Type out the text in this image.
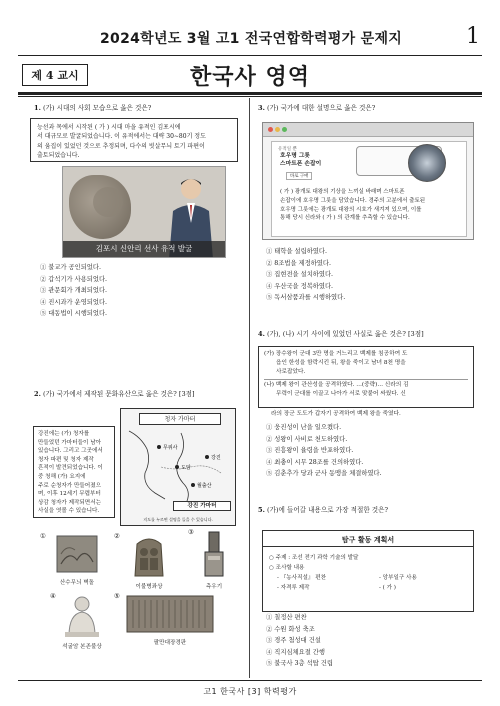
2024학년도 3월 고1 전국연합학력평가 문제지	1
제 4 교시	한국사 영역
1. (가) 시대의 사회 모습으로 옳은 것은?
능선과 목에서 시작된 ( 가 ) 시대 마을 유적인 김포시에
서 대규모로 발굴되었습니다. 이 유적에서는 대략 30∼80기 정도
의 움집이 있었던 것으로 추정되며, 다수의 빗살무늬 토기 파편이
출토되었습니다.
김포시 신안리 선사 유적 발굴
① 불교가 공인되었다.
② 갑석기가 사용되었다.
③ 관문회가 개최되었다.
④ 진시과가 운영되었다.
⑤ 대동법이 시행되었다.
2. (가) 국가에서 제작된 문화유산으로 옳은 것은? [3점]
강진에는 (가) 청자를
만들었던 가마터들이 남아
있습니다. 그리고 그곳에서
청자 파편 및 청자 제작
흔적이 발견되었습니다. 이
중 청해 (가) 요지에
주로 순청자가 만들어졌으
며, 이후 12세기 무렵부터
상감 청자가 제작되면서는
사실을 엿볼 수 있습니다.
청자 가마터
무위사
도암
월출산
강진
강진 가마터
지도를 누르면 설명을 들을 수 있습니다.
①
산수무늬 벽돌
②
이불병좌상
③
측우기
④
석굴암 본존불상
⑤
팔만대장경판
3. (가) 국가에 대한 설명으로 옳은 것은?
유적일 뿐
호우명 그릇
스마트폰 손잡이
바로 구매
( 가 ) 광개토 대왕의 기상을 느끼실 바래며 스마트폰
손잡이에 호우명 그릇을 담았습니다. 경주의 고분에서 출토된
호우명 그릇에는 광개토 대왕의 시호가 새겨져 있으며, 이를
통해 당시 신라와 ( 가 ) 의 관계를 추측할 수 있습니다.
① 태학을 설립하였다.
② 8조법을 제정하였다.
③ 집현전을 설치하였다.
④ 우산국을 정복하였다.
⑤ 독서삼품과를 시행하였다.
4. (가), (나) 시기 사이에 있었던 사실로 옳은 것은? [3점]
(가) 장수왕이 군대 3만 명을 거느리고 백제를 침공하여 도
읍인 한성을 함락시킨 뒤, 왕을 죽이고 남녀 8천 명을
사로잡았다.
(나) 백제 왕이 관산성을 공격하였다. …(중략)… 신라의 김
무력이 군대를 이끌고 나아가 서로 맞붙어 싸웠다. 신
라의 장군 도도가 갑자기 공격하여 백제 왕을 죽였다.
① 웅진성이 난을 일으켰다.
② 성왕이 사비로 천도하였다.
③ 진흥왕이 율령을 반포하였다.
④ 최충이 시무 28조를 건의하였다.
⑤ 김춘추가 당과 군사 동맹을 체결하였다.
5. (가)에 들어갈 내용으로 가장 적절한 것은?
탐구 활동 계획서
○ 주제 : 조선 전기 과학 기술의 발달
○ 조사할 내용
- 『농사직설』 편찬	- 앙부일구 사용
- 자격루 제작	- ( 가 )
① 칠정산 편찬
② 수원 화성 축조
③ 경주 첨성대 건설
④ 직지심체요절 간행
⑤ 불국사 3층 석탑 건립
고1 한국사 [3] 학력평가
